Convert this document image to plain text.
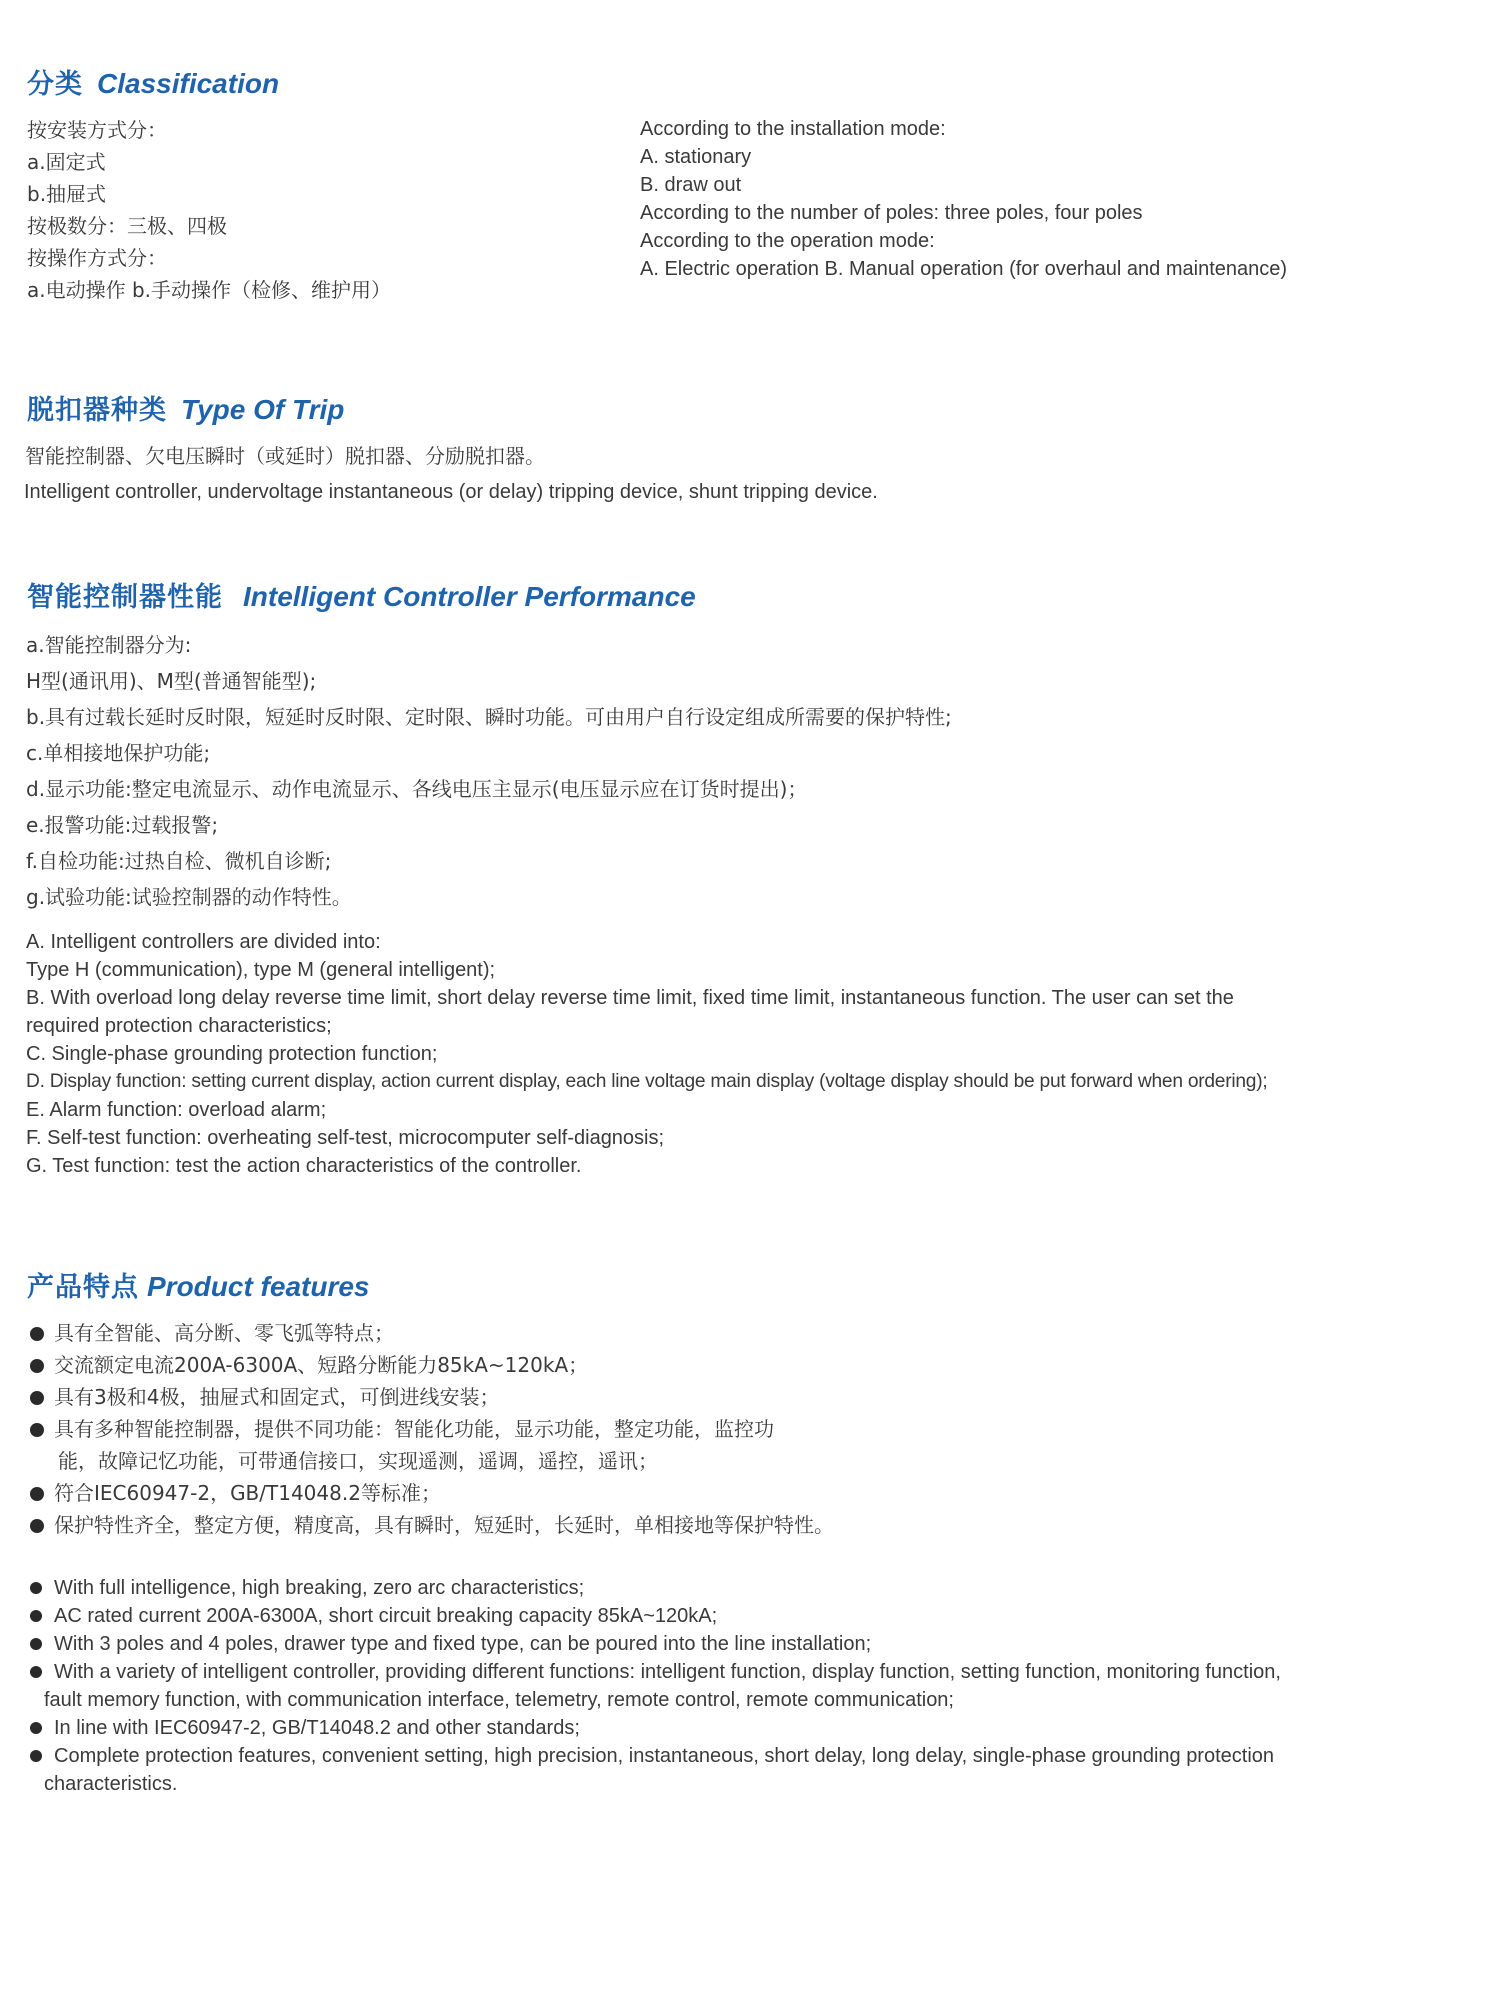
分类 Classification
按安装方式分：
a.固定式
b.抽屉式
按极数分：三极、四极
按操作方式分：
a.电动操作 b.手动操作（检修、维护用）
According to the installation mode:
A. stationary
B. draw out
According to the number of poles: three poles, four poles
According to the operation mode:
A. Electric operation B. Manual operation (for overhaul and maintenance)
脱扣器种类 Type Of Trip
智能控制器、欠电压瞬时（或延时）脱扣器、分励脱扣器。
Intelligent controller, undervoltage instantaneous (or delay) tripping device, shunt tripping device.
智能控制器性能 Intelligent Controller Performance
a.智能控制器分为:
H型(通讯用)、M型(普通智能型);
b.具有过载长延时反时限，短延时反时限、定时限、瞬时功能。可由用户自行设定组成所需要的保护特性;
c.单相接地保护功能;
d.显示功能:整定电流显示、动作电流显示、各线电压主显示(电压显示应在订货时提出)；
e.报警功能:过载报警;
f.自检功能:过热自检、微机自诊断;
g.试验功能:试验控制器的动作特性。
A. Intelligent controllers are divided into:
Type H (communication), type M (general intelligent);
B. With overload long delay reverse time limit, short delay reverse time limit, fixed time limit, instantaneous function. The user can set the
required protection characteristics;
C. Single-phase grounding protection function;
D. Display function: setting current display, action current display, each line voltage main display (voltage display should be put forward when ordering);
E. Alarm function: overload alarm;
F. Self-test function: overheating self-test, microcomputer self-diagnosis;
G. Test function: test the action characteristics of the controller.
产品特点 Product features
具有全智能、高分断、零飞弧等特点；
交流额定电流200A-6300A、短路分断能力85kA~120kA；
具有3极和4极，抽屉式和固定式，可倒进线安装；
具有多种智能控制器，提供不同功能：智能化功能，显示功能，整定功能，监控功
能，故障记忆功能，可带通信接口，实现遥测，遥调，遥控，遥讯；
符合IEC60947-2，GB/T14048.2等标准；
保护特性齐全，整定方便，精度高，具有瞬时，短延时，长延时，单相接地等保护特性。
With full intelligence, high breaking, zero arc characteristics;
AC rated current 200A-6300A, short circuit breaking capacity 85kA~120kA;
With 3 poles and 4 poles, drawer type and fixed type, can be poured into the line installation;
With a variety of intelligent controller, providing different functions: intelligent function, display function, setting function, monitoring function,
fault memory function, with communication interface, telemetry, remote control, remote communication;
In line with IEC60947-2, GB/T14048.2 and other standards;
Complete protection features, convenient setting, high precision, instantaneous, short delay, long delay, single-phase grounding protection
characteristics.
